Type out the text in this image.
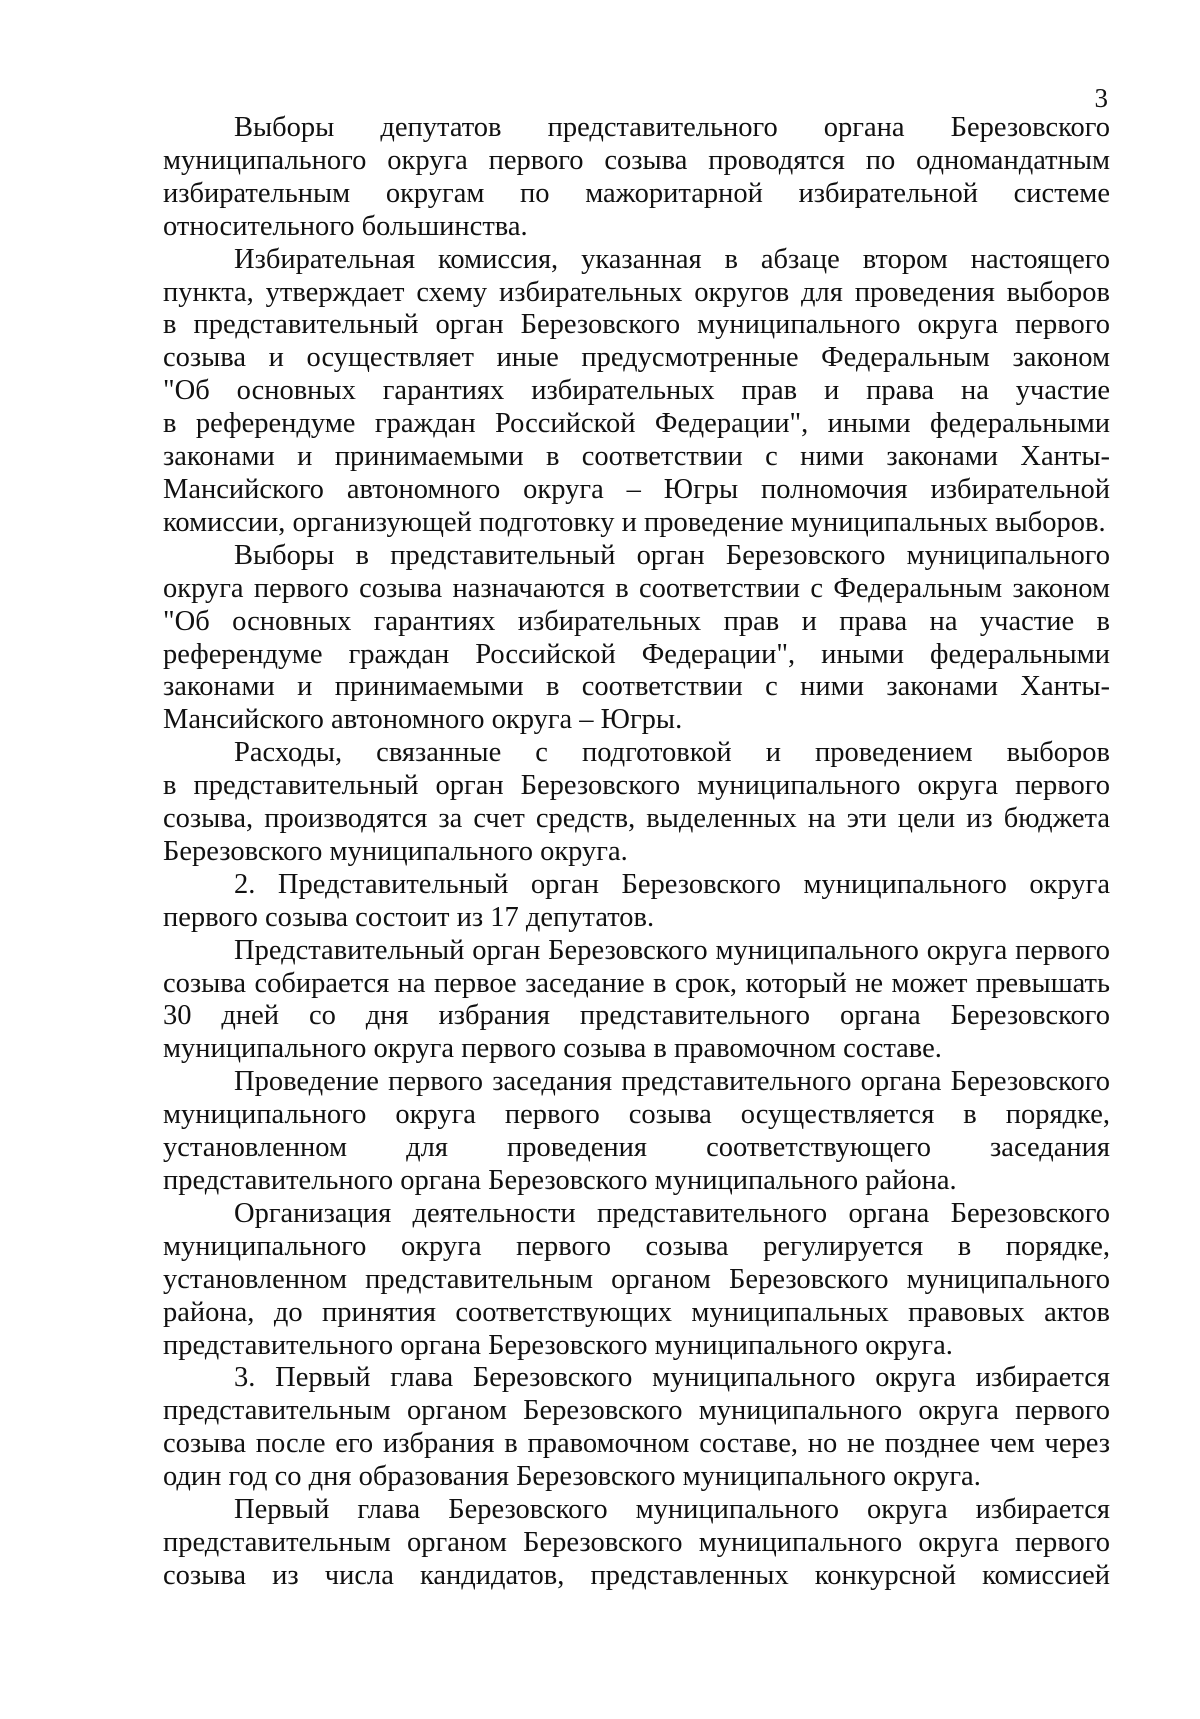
3

Выборы депутатов представительного органа Березовского
муниципального округа первого созыва проводятся по одномандатным
избирательным округам по мажоритарной избирательной системе
относительного большинства.

Избирательная комиссия, указанная в абзаце втором настоящего
пункта, утверждает схему избирательных округов для проведения выборов
в представительный орган Березовского муниципального округа первого
созыва и осуществляет иные предусмотренные Федеральным законом
"Об основных гарантиях избирательных прав и права на участие
в референдуме граждан Российской Федерации", иными федеральными
законами и принимаемыми в соответствии с ними законами Ханты-
Мансийского автономного округа – Югры полномочия избирательной
комиссии, организующей подготовку и проведение муниципальных выборов.

Выборы в представительный орган Березовского муниципального
округа первого созыва назначаются в соответствии с Федеральным законом
"Об основных гарантиях избирательных прав и права на участие в
референдуме граждан Российской Федерации", иными федеральными
законами и принимаемыми в соответствии с ними законами Ханты-
Мансийского автономного округа – Югры.

Расходы, связанные с подготовкой и проведением выборов
в представительный орган Березовского муниципального округа первого
созыва, производятся за счет средств, выделенных на эти цели из бюджета
Березовского муниципального округа.

2. Представительный орган Березовского муниципального округа
первого созыва состоит из 17 депутатов.

Представительный орган Березовского муниципального округа первого
созыва собирается на первое заседание в срок, который не может превышать
30 дней со дня избрания представительного органа Березовского
муниципального округа первого созыва в правомочном составе.

Проведение первого заседания представительного органа Березовского
муниципального округа первого созыва осуществляется в порядке,
установленном для проведения соответствующего заседания
представительного органа Березовского муниципального района.

Организация деятельности представительного органа Березовского
муниципального округа первого созыва регулируется в порядке,
установленном представительным органом Березовского муниципального
района, до принятия соответствующих муниципальных правовых актов
представительного органа Березовского муниципального округа.

3. Первый глава Березовского муниципального округа избирается
представительным органом Березовского муниципального округа первого
созыва после его избрания в правомочном составе, но не позднее чем через
один год со дня образования Березовского муниципального округа.

Первый глава Березовского муниципального округа избирается
представительным органом Березовского муниципального округа первого
созыва из числа кандидатов, представленных конкурсной комиссией
